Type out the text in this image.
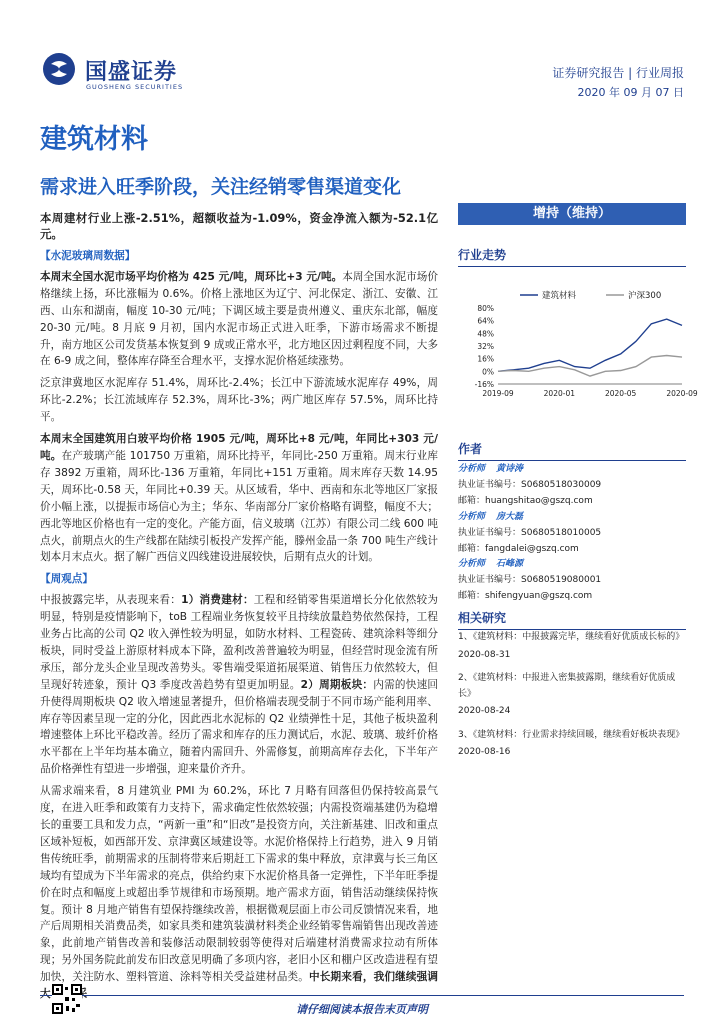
国盛证券
GUOSHENG SECURITIES
证券研究报告 | 行业周报
2020 年 09 月 07 日
建筑材料
需求进入旺季阶段，关注经销零售渠道变化

本周建材行业上涨-2.51%，超额收益为-1.09%，资金净流入额为-52.1亿元。

【水泥玻璃周数据】

本周末全国水泥市场平均价格为 425 元/吨，周环比+3 元/吨。本周全国水泥市场价格继续上扬，环比涨幅为 0.6%。价格上涨地区为辽宁、河北保定、浙江、安徽、江西、山东和湖南，幅度 10-30 元/吨；下调区域主要是贵州遵义、重庆东北部，幅度 20-30 元/吨。8 月底 9 月初，国内水泥市场正式进入旺季，下游市场需求不断提升，南方地区公司发货基本恢复到 9 成或正常水平，北方地区因过剩程度不同，大多在 6-9 成之间，整体库存降至合理水平，支撑水泥价格延续涨势。

泛京津冀地区水泥库存 51.4%，周环比-2.4%；长江中下游流域水泥库存 49%，周环比-2.2%；长江流域库存 52.3%，周环比-3%；两广地区库存 57.5%，周环比持平。

本周末全国建筑用白玻平均价格 1905 元/吨，周环比+8 元/吨，年同比+303 元/吨。在产玻璃产能 101750 万重箱，周环比持平，年同比-250 万重箱。周末行业库存 3892 万重箱，周环比-136 万重箱，年同比+151 万重箱。周末库存天数 14.95 天，周环比-0.58 天，年同比+0.39 天。从区域看，华中、西南和东北等地区厂家报价小幅上涨，以提振市场信心为主；华东、华南部分厂家价格略有调整，幅度不大；西北等地区价格也有一定的变化。产能方面，信义玻璃（江苏）有限公司二线 600 吨点火，前期点火的生产线都在陆续引板投产发挥产能，滕州金晶一条 700 吨生产线计划本月末点火。据了解广西信义四线建设进展较快，后期有点火的计划。

【周观点】

中报披露完毕，从表现来看：1）消费建材：工程和经销零售渠道增长分化依然较为明显，特别是疫情影响下，toB 工程端业务恢复较平且持续放量趋势依然保持，工程业务占比高的公司 Q2 收入弹性较为明显，如防水材料、工程瓷砖、建筑涂料等细分板块，同时受益上游原材料成本下降，盈利改善普遍较为明显，但经营时现金流有所承压，部分龙头企业呈现改善势头。零售端受渠道拓展渠道、销售压力依然较大，但呈现好转迹象，预计 Q3 季度改善趋势有望更加明显。2）周期板块：内需的快速回升使得周期板块 Q2 收入增速显著提升，但价格端表现受制于不同市场产能利用率、库存等因素呈现一定的分化，因此西北水泥标的 Q2 业绩弹性十足，其他子板块盈利增速整体上环比平稳改善。经历了需求和库存的压力测试后，水泥、玻璃、玻纤价格水平都在上半年均基本确立，随着内需回升、外需修复，前期高库存去化，下半年产品价格弹性有望进一步增强，迎来量价齐升。

从需求端来看，8 月建筑业 PMI 为 60.2%，环比 7 月略有回落但仍保持较高景气度，在进入旺季和政策有力支持下，需求确定性依然较强；内需投资端基建仍为稳增长的重要工具和发力点，“两新一重”和“旧改”是投资方向，关注新基建、旧改和重点区域补短板，如西部开发、京津冀区域建设等。水泥价格保持上行趋势，进入 9 月销售传统旺季，前期需求的压制将带来后期赶工下需求的集中释放，京津冀与长三角区域均有望成为下半年需求的亮点，供给约束下水泥价格具备一定弹性，下半年旺季提价在时点和幅度上或超出季节规律和市场预期。地产需求方面，销售活动继续保持恢复。预计 8 月地产销售有望保持继续改善，根据微观层面上市公司反馈情况来看，地产后周期相关消费品类，如家具类和建筑装潢材料类企业经销零售端销售出现改善迹象，此前地产销售改善和装修活动限制较弱等使得对后端建材消费需求拉动有所体现；另外国务院此前发布旧改意见明确了多项内容，老旧小区和棚户区改造进程有望加快，关注防水、塑料管道、涂料等相关受益建材品类。中长期来看，我们继续强调

增持（维持）
行业走势
建筑材料	沪深300
80%
64%
48%
32%
16%
0%
-16%
2019-09	2020-01	2020-05	2020-09
作者
分析师	黄诗涛
执业证书编号：S0680518030009
邮箱：huangshitao@gszq.com
分析师	房大磊
执业证书编号：S0680518010005
邮箱：fangdalei@gszq.com
分析师	石峰源
执业证书编号：S0680519080001
邮箱：shifengyuan@gszq.com
相关研究
1、《建筑材料：中报披露完毕，继续看好优质成长标的》
2020-08-31
2、《建筑材料：中报进入密集披露期，继续看好优质成长》
2020-08-24
3、《建筑材料：行业需求持续回暖，继续看好板块表现》
2020-08-16
请仔细阅读本报告末页声明
